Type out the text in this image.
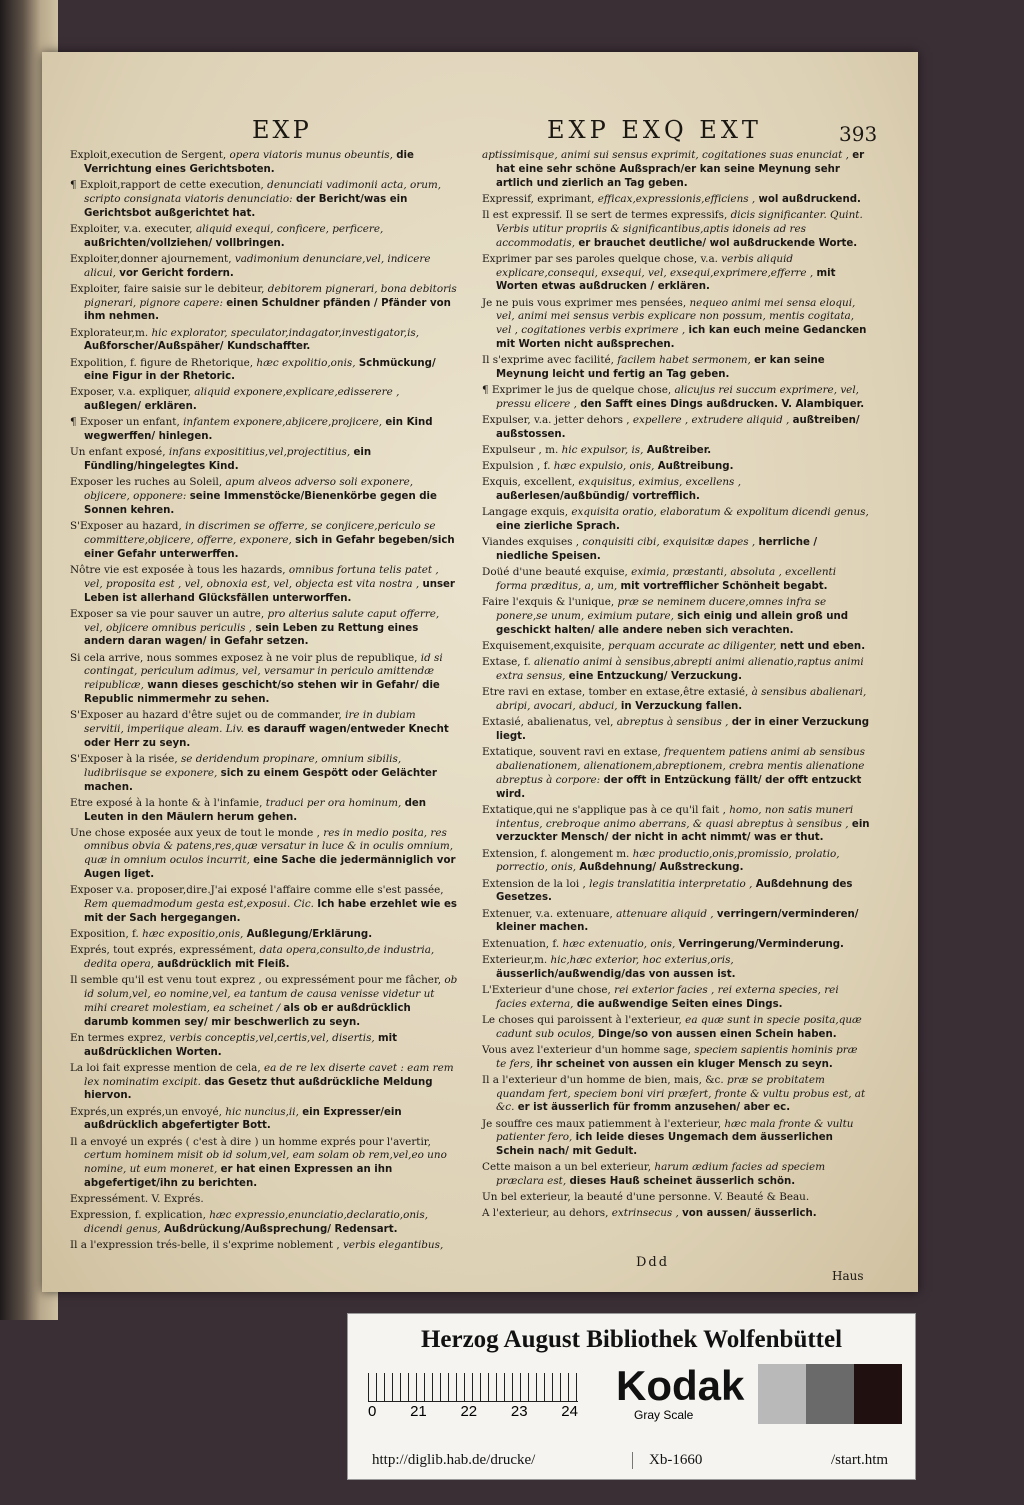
EXP	EXP EXQ EXT	393

Exploit,execution de Sergent, opera viatoris munus obeuntis, die Verrichtung eines Gerichtsboten.

¶ Exploit,rapport de cette execution, denunciati vadimonii acta, orum, scripto consignata viatoris denunciatio: der Bericht/was ein Gerichtsbot außgerichtet hat.

Exploiter, v.a. executer, aliquid exequi, conficere, perficere, außrichten/vollziehen/ vollbringen.

Exploiter,donner ajournement, vadimonium denunciare,vel, indicere alicui, vor Gericht fordern.

Exploiter, faire saisie sur le debiteur, debitorem pignerari, bona debitoris pignerari, pignore capere: einen Schuldner pfänden / Pfänder von ihm nehmen.

Explorateur,m. hic explorator, speculator,indagator,investigator,is, Außforscher/Außspäher/ Kundschaffter.

Expolition, f. figure de Rhetorique, hæc expolitio,onis, Schmückung/ eine Figur in der Rhetoric.

Exposer, v.a. expliquer, aliquid exponere,explicare,edisserere , außlegen/ erklären.

¶ Exposer un enfant, infantem exponere,abjicere,projicere, ein Kind wegwerffen/ hinlegen.

Un enfant exposé, infans exposititius,vel,projectitius, ein Fündling/hingelegtes Kind.

Exposer les ruches au Soleil, apum alveos adverso soli exponere, objicere, opponere: seine Immenstöcke/Bienenkörbe gegen die Sonnen kehren.

S'Exposer au hazard, in discrimen se offerre, se conjicere,periculo se committere,objicere, offerre, exponere, sich in Gefahr begeben/sich einer Gefahr unterwerffen.

Nôtre vie est exposée à tous les hazards, omnibus fortuna telis patet , vel, proposita est , vel, obnoxia est, vel, objecta est vita nostra , unser Leben ist allerhand Glücksfällen unterworffen.

Exposer sa vie pour sauver un autre, pro alterius salute caput offerre, vel, objicere omnibus periculis , sein Leben zu Rettung eines andern daran wagen/ in Gefahr setzen.

Si cela arrive, nous sommes exposez à ne voir plus de republique, id si contingat, periculum adimus, vel, versamur in periculo amittendæ reipublicæ, wann dieses geschicht/so stehen wir in Gefahr/ die Republic nimmermehr zu sehen.

S'Exposer au hazard d'être sujet ou de commander, ire in dubiam servitii, imperiique aleam. Liv. es darauff wagen/entweder Knecht oder Herr zu seyn.

S'Exposer à la risée, se deridendum propinare, omnium sibilis, ludibriisque se exponere, sich zu einem Gespött oder Gelächter machen.

Etre exposé à la honte & à l'infamie, traduci per ora hominum, den Leuten in den Mäulern herum gehen.

Une chose exposée aux yeux de tout le monde , res in medio posita, res omnibus obvia & patens,res,quæ versatur in luce & in oculis omnium, quæ in omnium oculos incurrit, eine Sache die jedermänniglich vor Augen liget.

Exposer v.a. proposer,dire.J'ai exposé l'affaire comme elle s'est passée, Rem quemadmodum gesta est,exposui. Cic. Ich habe erzehlet wie es mit der Sach hergegangen.

Exposition, f. hæc expositio,onis, Außlegung/Erklärung.

Exprés, tout exprés, expressément, data opera,consulto,de industria, dedita opera, außdrücklich mit Fleiß.

Il semble qu'il est venu tout exprez , ou expressément pour me fâcher, ob id solum,vel, eo nomine,vel, ea tantum de causa venisse videtur ut mihi crearet molestiam, ea scheinet / als ob er außdrücklich darumb kommen sey/ mir beschwerlich zu seyn.

En termes exprez, verbis conceptis,vel,certis,vel, disertis, mit außdrücklichen Worten.

La loi fait expresse mention de cela, ea de re lex diserte cavet : eam rem lex nominatim excipit. das Gesetz thut außdrückliche Meldung hiervon.

Exprés,un exprés,un envoyé, hic nuncius,ii, ein Expresser/ein außdrücklich abgefertigter Bott.

Il a envoyé un exprés ( c'est à dire ) un homme exprés pour l'avertir, certum hominem misit ob id solum,vel, eam solam ob rem,vel,eo uno nomine, ut eum moneret, er hat einen Expressen an ihn abgefertiget/ihn zu berichten.

Expressément. V. Exprés.

Expression, f. explication, hæc expressio,enunciatio,declaratio,onis, dicendi genus, Außdrückung/Außsprechung/ Redensart.

Il a l'expression trés-belle, il s'exprime noblement , verbis elegantibus,

aptissimisque, animi sui sensus exprimit, cogitationes suas enunciat , er hat eine sehr schöne Außsprach/er kan seine Meynung sehr artlich und zierlich an Tag geben.

Expressif, exprimant, efficax,expressionis,efficiens , wol außdruckend.

Il est expressif. Il se sert de termes expressifs, dicis significanter. Quint. Verbis utitur propriis & significantibus,aptis idoneis ad res accommodatis, er brauchet deutliche/ wol außdruckende Worte.

Exprimer par ses paroles quelque chose, v.a. verbis aliquid explicare,consequi, exsequi, vel, exsequi,exprimere,efferre , mit Worten etwas außdrucken / erklären.

Je ne puis vous exprimer mes pensées, nequeo animi mei sensa eloqui, vel, animi mei sensus verbis explicare non possum, mentis cogitata, vel , cogitationes verbis exprimere , ich kan euch meine Gedancken mit Worten nicht außsprechen.

Il s'exprime avec facilité, facilem habet sermonem, er kan seine Meynung leicht und fertig an Tag geben.

¶ Exprimer le jus de quelque chose, alicujus rei succum exprimere, vel, pressu elicere , den Safft eines Dings außdrucken. V. Alambiquer.

Expulser, v.a. jetter dehors , expellere , extrudere aliquid , außtreiben/ außstossen.

Expulseur , m. hic expulsor, is, Außtreiber.

Expulsion , f. hæc expulsio, onis, Außtreibung.

Exquis, excellent, exquisitus, eximius, excellens , außerlesen/außbündig/ vortrefflich.

Langage exquis, exquisita oratio, elaboratum & expolitum dicendi genus, eine zierliche Sprach.

Viandes exquises , conquisiti cibi, exquisitæ dapes , herrliche / niedliche Speisen.

Doüé d'une beauté exquise, eximia, præstanti, absoluta , excellenti forma præditus, a, um, mit vortrefflicher Schönheit begabt.

Faire l'exquis & l'unique, præ se neminem ducere,omnes infra se ponere,se unum, eximium putare, sich einig und allein groß und geschickt halten/ alle andere neben sich verachten.

Exquisement,exquisite, perquam accurate ac diligenter, nett und eben.

Extase, f. alienatio animi à sensibus,abrepti animi alienatio,raptus animi extra sensus, eine Entzuckung/ Verzuckung.

Etre ravi en extase, tomber en extase,être extasié, à sensibus abalienari, abripi, avocari, abduci, in Verzuckung fallen.

Extasié, abalienatus, vel, abreptus à sensibus , der in einer Verzuckung liegt.

Extatique, souvent ravi en extase, frequentem patiens animi ab sensibus abalienationem, alienationem,abreptionem, crebra mentis alienatione abreptus à corpore: der offt in Entzückung fällt/ der offt entzuckt wird.

Extatique,qui ne s'applique pas à ce qu'il fait , homo, non satis muneri intentus, crebroque animo aberrans, & quasi abreptus à sensibus , ein verzuckter Mensch/ der nicht in acht nimmt/ was er thut.

Extension, f. alongement m. hæc productio,onis,promissio, prolatio, porrectio, onis, Außdehnung/ Außstreckung.

Extension de la loi , legis translatitia interpretatio , Außdehnung des Gesetzes.

Extenuer, v.a. extenuare, attenuare aliquid , verringern/verminderen/ kleiner machen.

Extenuation, f. hæc extenuatio, onis, Verringerung/Verminderung.

Exterieur,m. hic,hæc exterior, hoc exterius,oris, äusserlich/außwendig/das von aussen ist.

L'Exterieur d'une chose, rei exterior facies , rei externa species, rei facies externa, die außwendige Seiten eines Dings.

Le choses qui paroissent à l'exterieur, ea quæ sunt in specie posita,quæ cadunt sub oculos, Dinge/so von aussen einen Schein haben.

Vous avez l'exterieur d'un homme sage, speciem sapientis hominis præ te fers, ihr scheinet von aussen ein kluger Mensch zu seyn.

Il a l'exterieur d'un homme de bien, mais, &c. præ se probitatem quandam fert, speciem boni viri præfert, fronte & vultu probus est, at &c. er ist äusserlich für fromm anzusehen/ aber ec.

Je souffre ces maux patiemment à l'exterieur, hæc mala fronte & vultu patienter fero, ich leide dieses Ungemach dem äusserlichen Schein nach/ mit Gedult.

Cette maison a un bel exterieur, harum ædium facies ad speciem præclara est, dieses Hauß scheinet äusserlich schön.

Un bel exterieur, la beauté d'une personne. V. Beauté & Beau.

A l'exterieur, au dehors, extrinsecus , von aussen/ äusserlich.

Ddd
Haus
Herzog August Bibliothek Wolfenbüttel
0 21 22 23 24
Kodak
Gray Scale
http://diglib.hab.de/drucke/	Xb-1660	/start.htm
